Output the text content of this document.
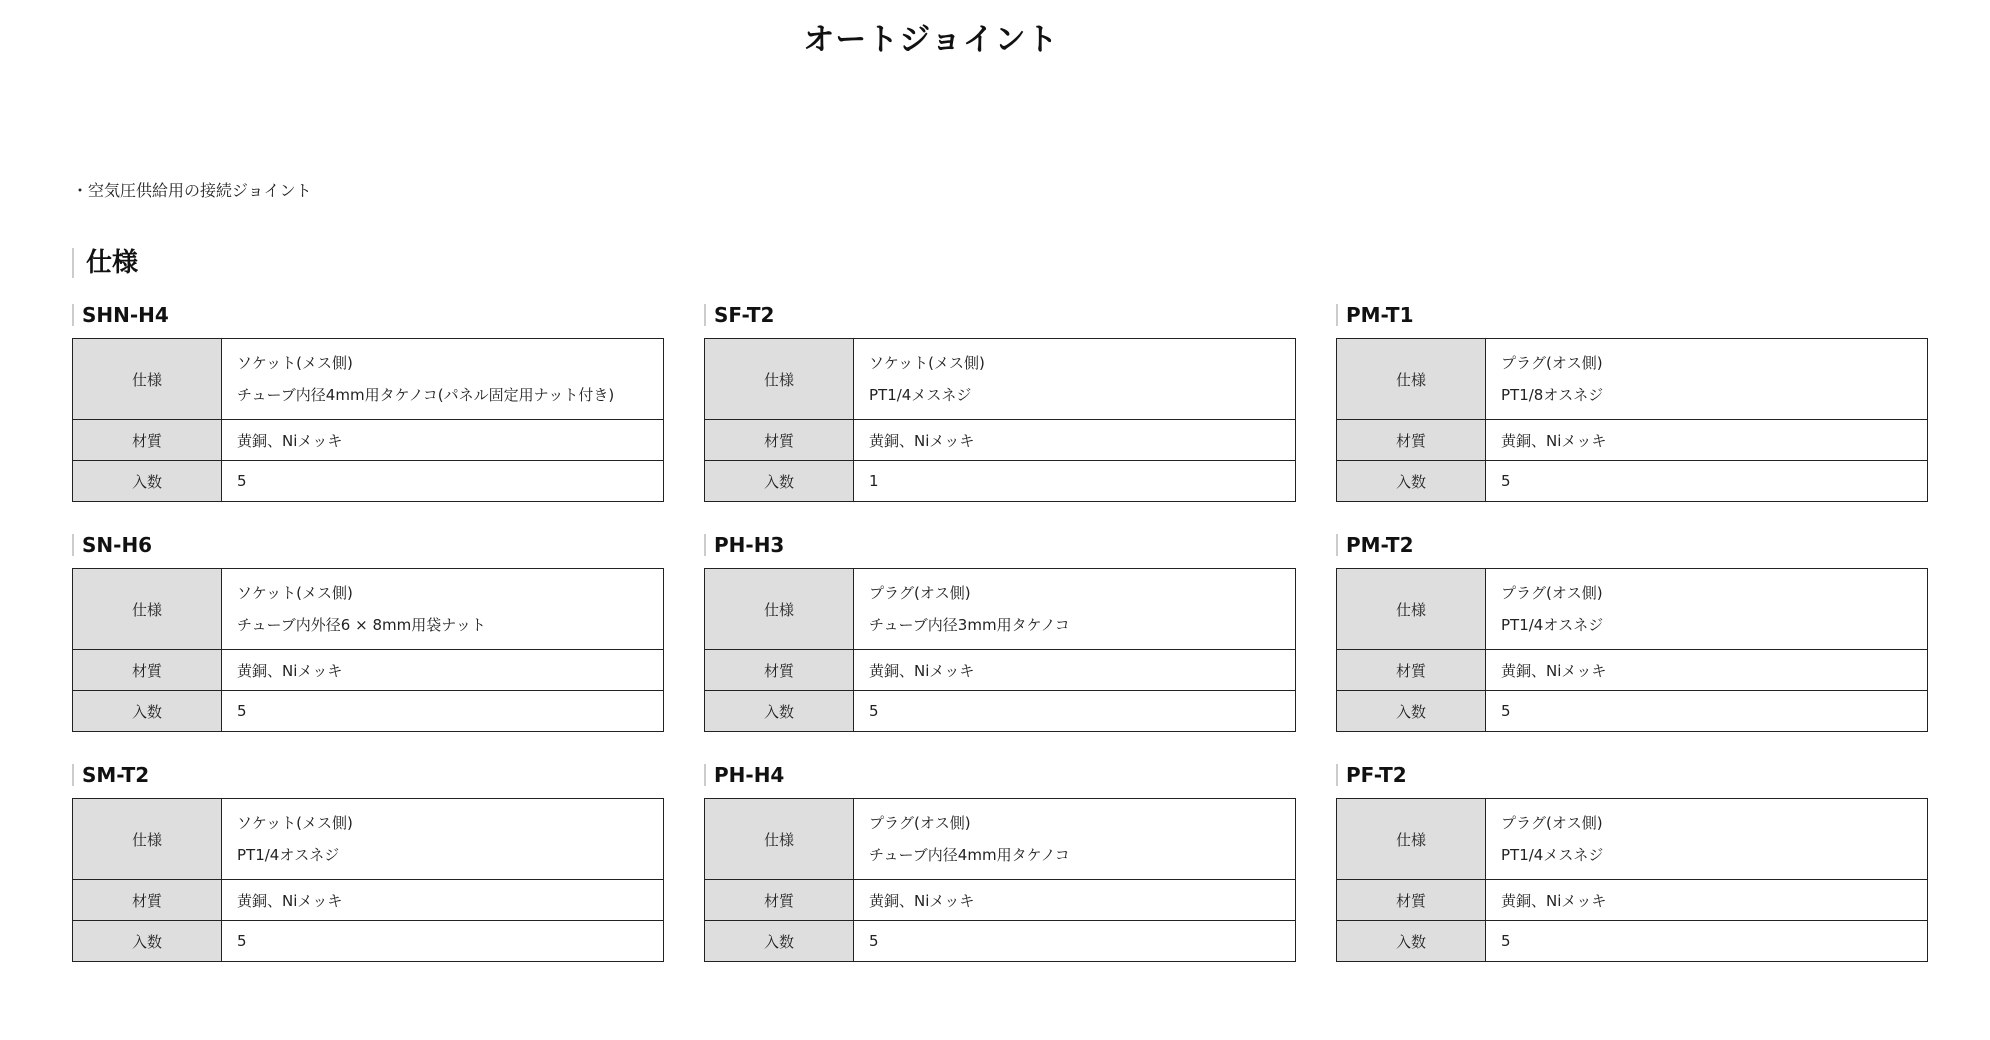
オートジョイント
・空気圧供給用の接続ジョイント
仕様
SHN-H4
仕様	ソケット(メス側)
チューブ内径4mm用タケノコ(パネル固定用ナット付き)

材質	黄銅、Niメッキ
入数	5
SF-T2
仕様	ソケット(メス側)
PT1/4メスネジ

材質	黄銅、Niメッキ
入数	1
PM-T1
仕様	プラグ(オス側)
PT1/8オスネジ

材質	黄銅、Niメッキ
入数	5
SN-H6
仕様	ソケット(メス側)
チューブ内外径6 × 8mm用袋ナット

材質	黄銅、Niメッキ
入数	5
PH-H3
仕様	プラグ(オス側)
チューブ内径3mm用タケノコ

材質	黄銅、Niメッキ
入数	5
PM-T2
仕様	プラグ(オス側)
PT1/4オスネジ

材質	黄銅、Niメッキ
入数	5
SM-T2
仕様	ソケット(メス側)
PT1/4オスネジ

材質	黄銅、Niメッキ
入数	5
PH-H4
仕様	プラグ(オス側)
チューブ内径4mm用タケノコ

材質	黄銅、Niメッキ
入数	5
PF-T2
仕様	プラグ(オス側)
PT1/4メスネジ

材質	黄銅、Niメッキ
入数	5
